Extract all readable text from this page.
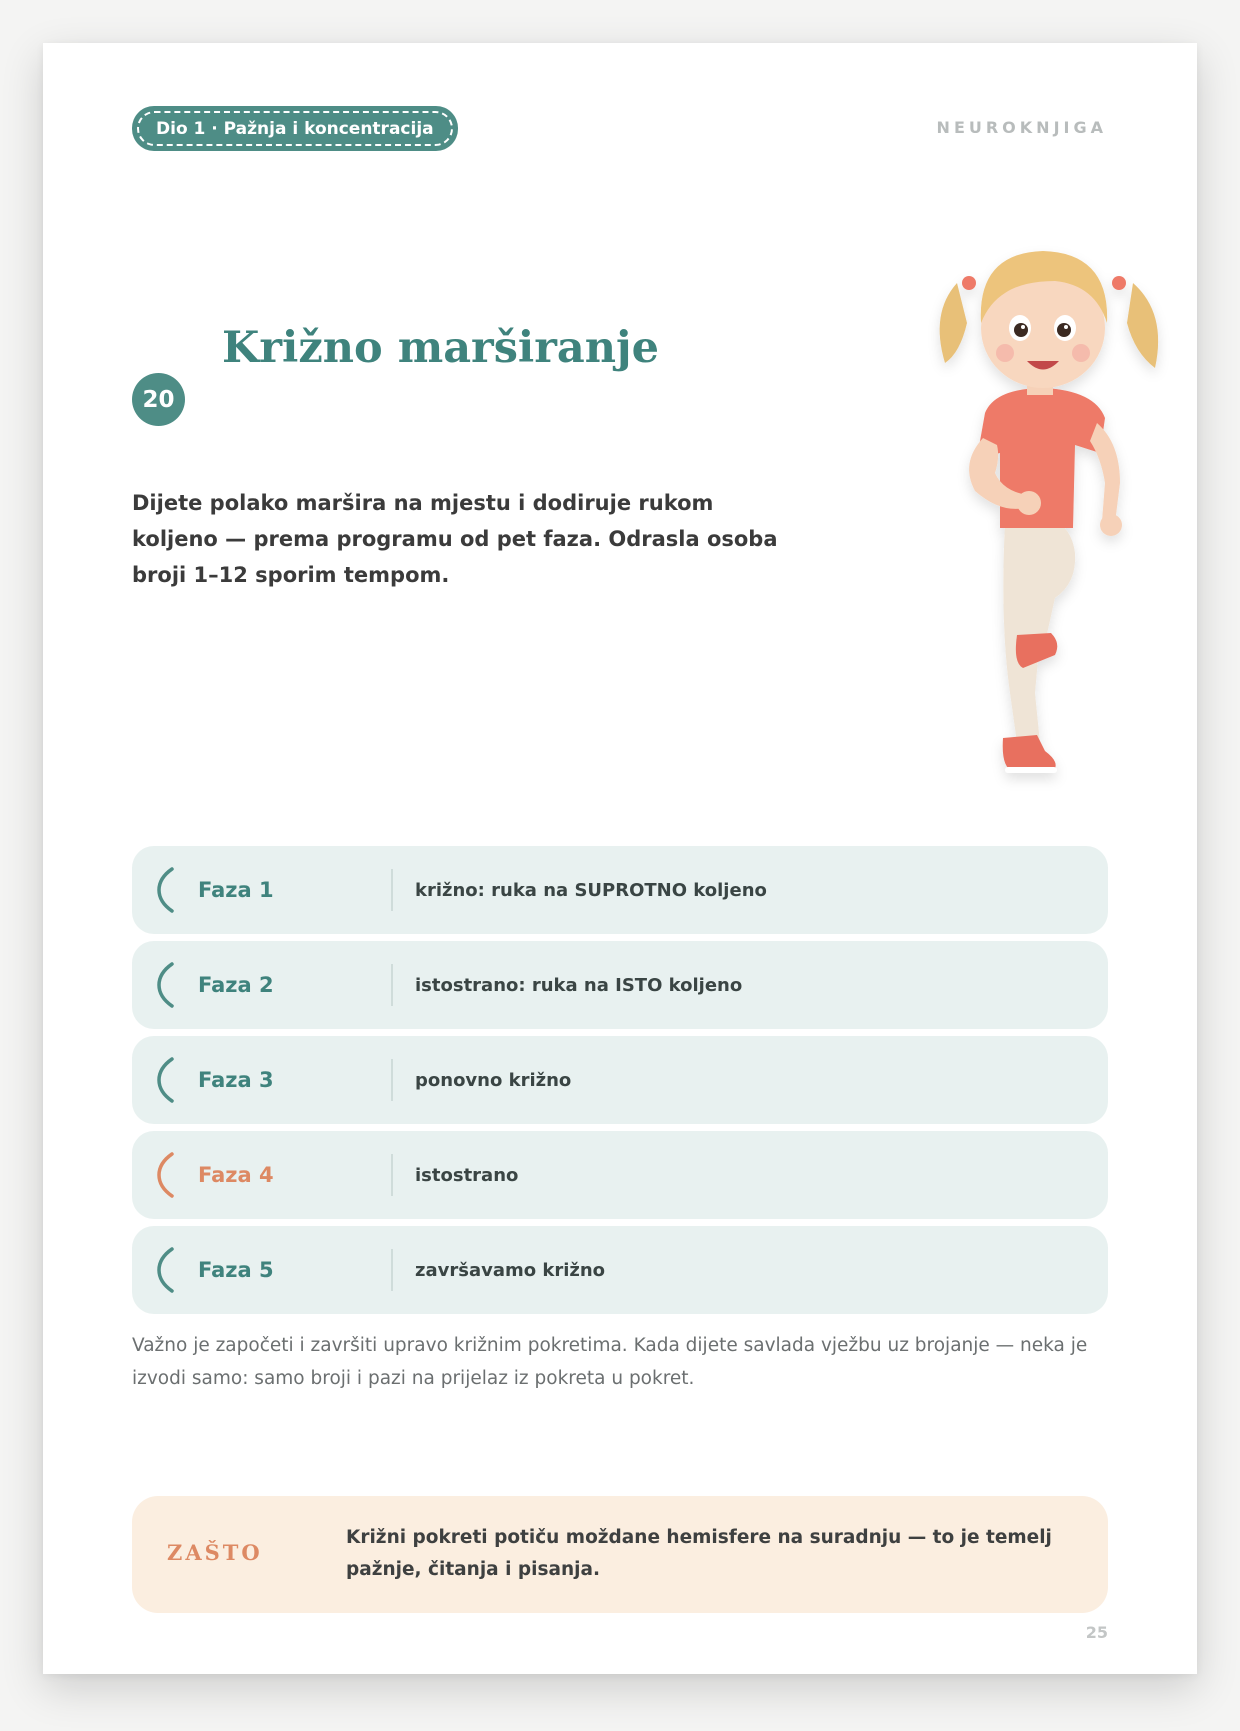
Dio 1 · Pažnja i koncentracija	NEUROKNJIGA
Križno marširanje
20

Dijete polako maršira na mjestu i dodiruje rukom koljeno — prema programu od pet faza. Odrasla osoba broji 1–12 sporim tempom.

Faza 1	križno: ruka na SUPROTNO koljeno
Faza 2	istostrano: ruka na ISTO koljeno
Faza 3	ponovno križno
Faza 4	istostrano
Faza 5	završavamo križno

Važno je započeti i završiti upravo križnim pokretima. Kada dijete savlada vježbu uz brojanje — neka je izvodi samo: samo broji i pazi na prijelaz iz pokreta u pokret.

ZAŠTO
Križni pokreti potiču moždane hemisfere na suradnju — to je temelj pažnje, čitanja i pisanja.
25
